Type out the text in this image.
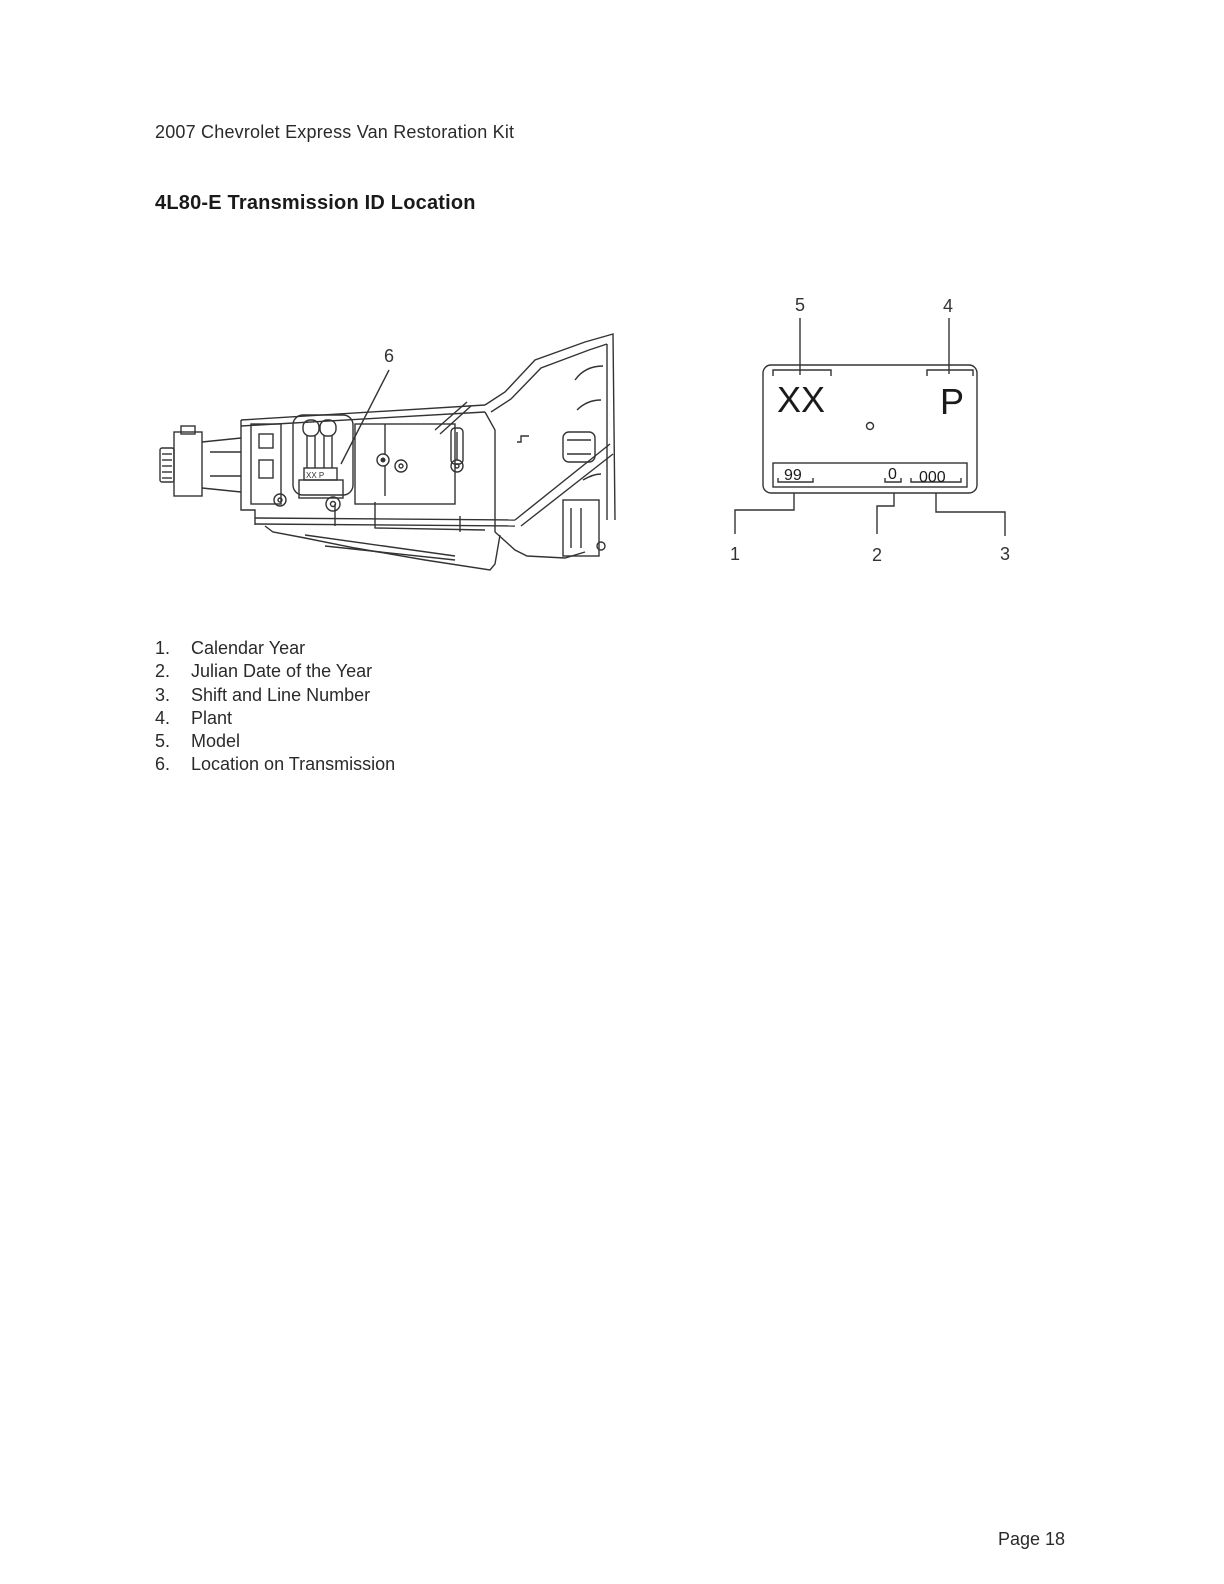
2007 Chevrolet Express Van Restoration Kit
4L80-E Transmission ID Location
6
XX P
5	4
XX	P
99	0 000
1	2	3
1.	Calendar Year
2.	Julian Date of the Year
3.	Shift and Line Number
4.	Plant
5.	Model
6.	Location on Transmission
Page 18
